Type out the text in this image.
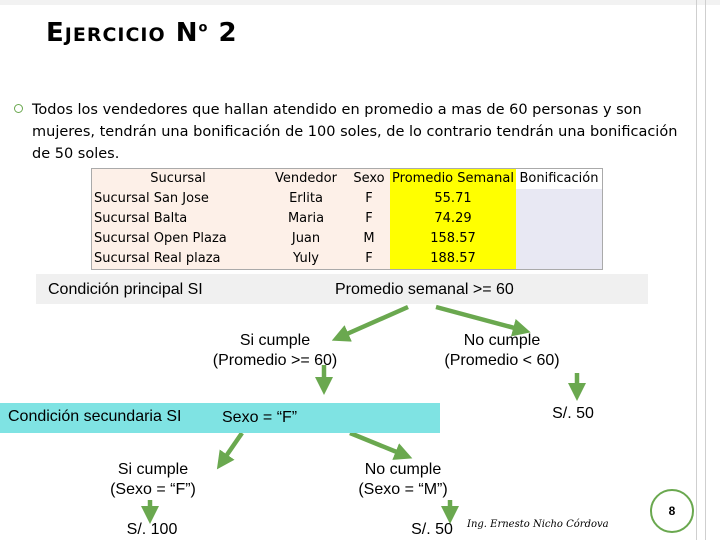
EJERCICIO $N^o$ 2
Todos los vendedores que hallan atendido en promedio a mas de 60 personas y son mujeres, tendrán una bonificación de 100 soles, de lo contrario tendrán una bonificación de 50 soles.
Sucursal	Vendedor	Sexo	Promedio Semanal	Bonificación
Sucursal San Jose	Erlita	F	55.71	
Sucursal Balta	Maria	F	74.29	
Sucursal Open Plaza	Juan	M	158.57	
Sucursal Real plaza	Yuly	F	188.57	
Condición principal SI	Promedio semanal >= 60
Si cumple
(Promedio >= 60)
No cumple
(Promedio < 60)
Condición secundaria SI	Sexo = “F”	S/. 50
Si cumple
(Sexo = “F”)
No cumple
(Sexo = “M”)
S/. 100	S/. 50	Ing. Ernesto Nicho Córdova
8
